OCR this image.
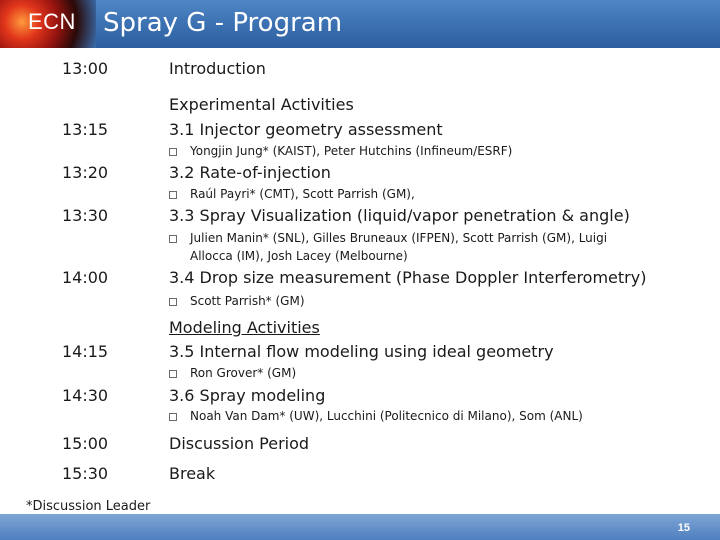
ECN Spray G - Program
13:00	Introduction
Experimental Activities
13:15	3.1 Injector geometry assessment
Yongjin Jung* (KAIST), Peter Hutchins (Infineum/ESRF)
13:20	3.2 Rate-of-injection
Raúl Payri* (CMT), Scott Parrish (GM),
13:30	3.3 Spray Visualization (liquid/vapor penetration & angle)
Julien Manin* (SNL), Gilles Bruneaux (IFPEN), Scott Parrish (GM), Luigi
Allocca (IM), Josh Lacey (Melbourne)
14:00	3.4 Drop size measurement (Phase Doppler Interferometry)
Scott Parrish* (GM)
Modeling Activities
14:15	3.5 Internal flow modeling using ideal geometry
Ron Grover* (GM)
14:30	3.6 Spray modeling
Noah Van Dam* (UW), Lucchini (Politecnico di Milano), Som (ANL)
15:00	Discussion Period
15:30	Break
*Discussion Leader
15
